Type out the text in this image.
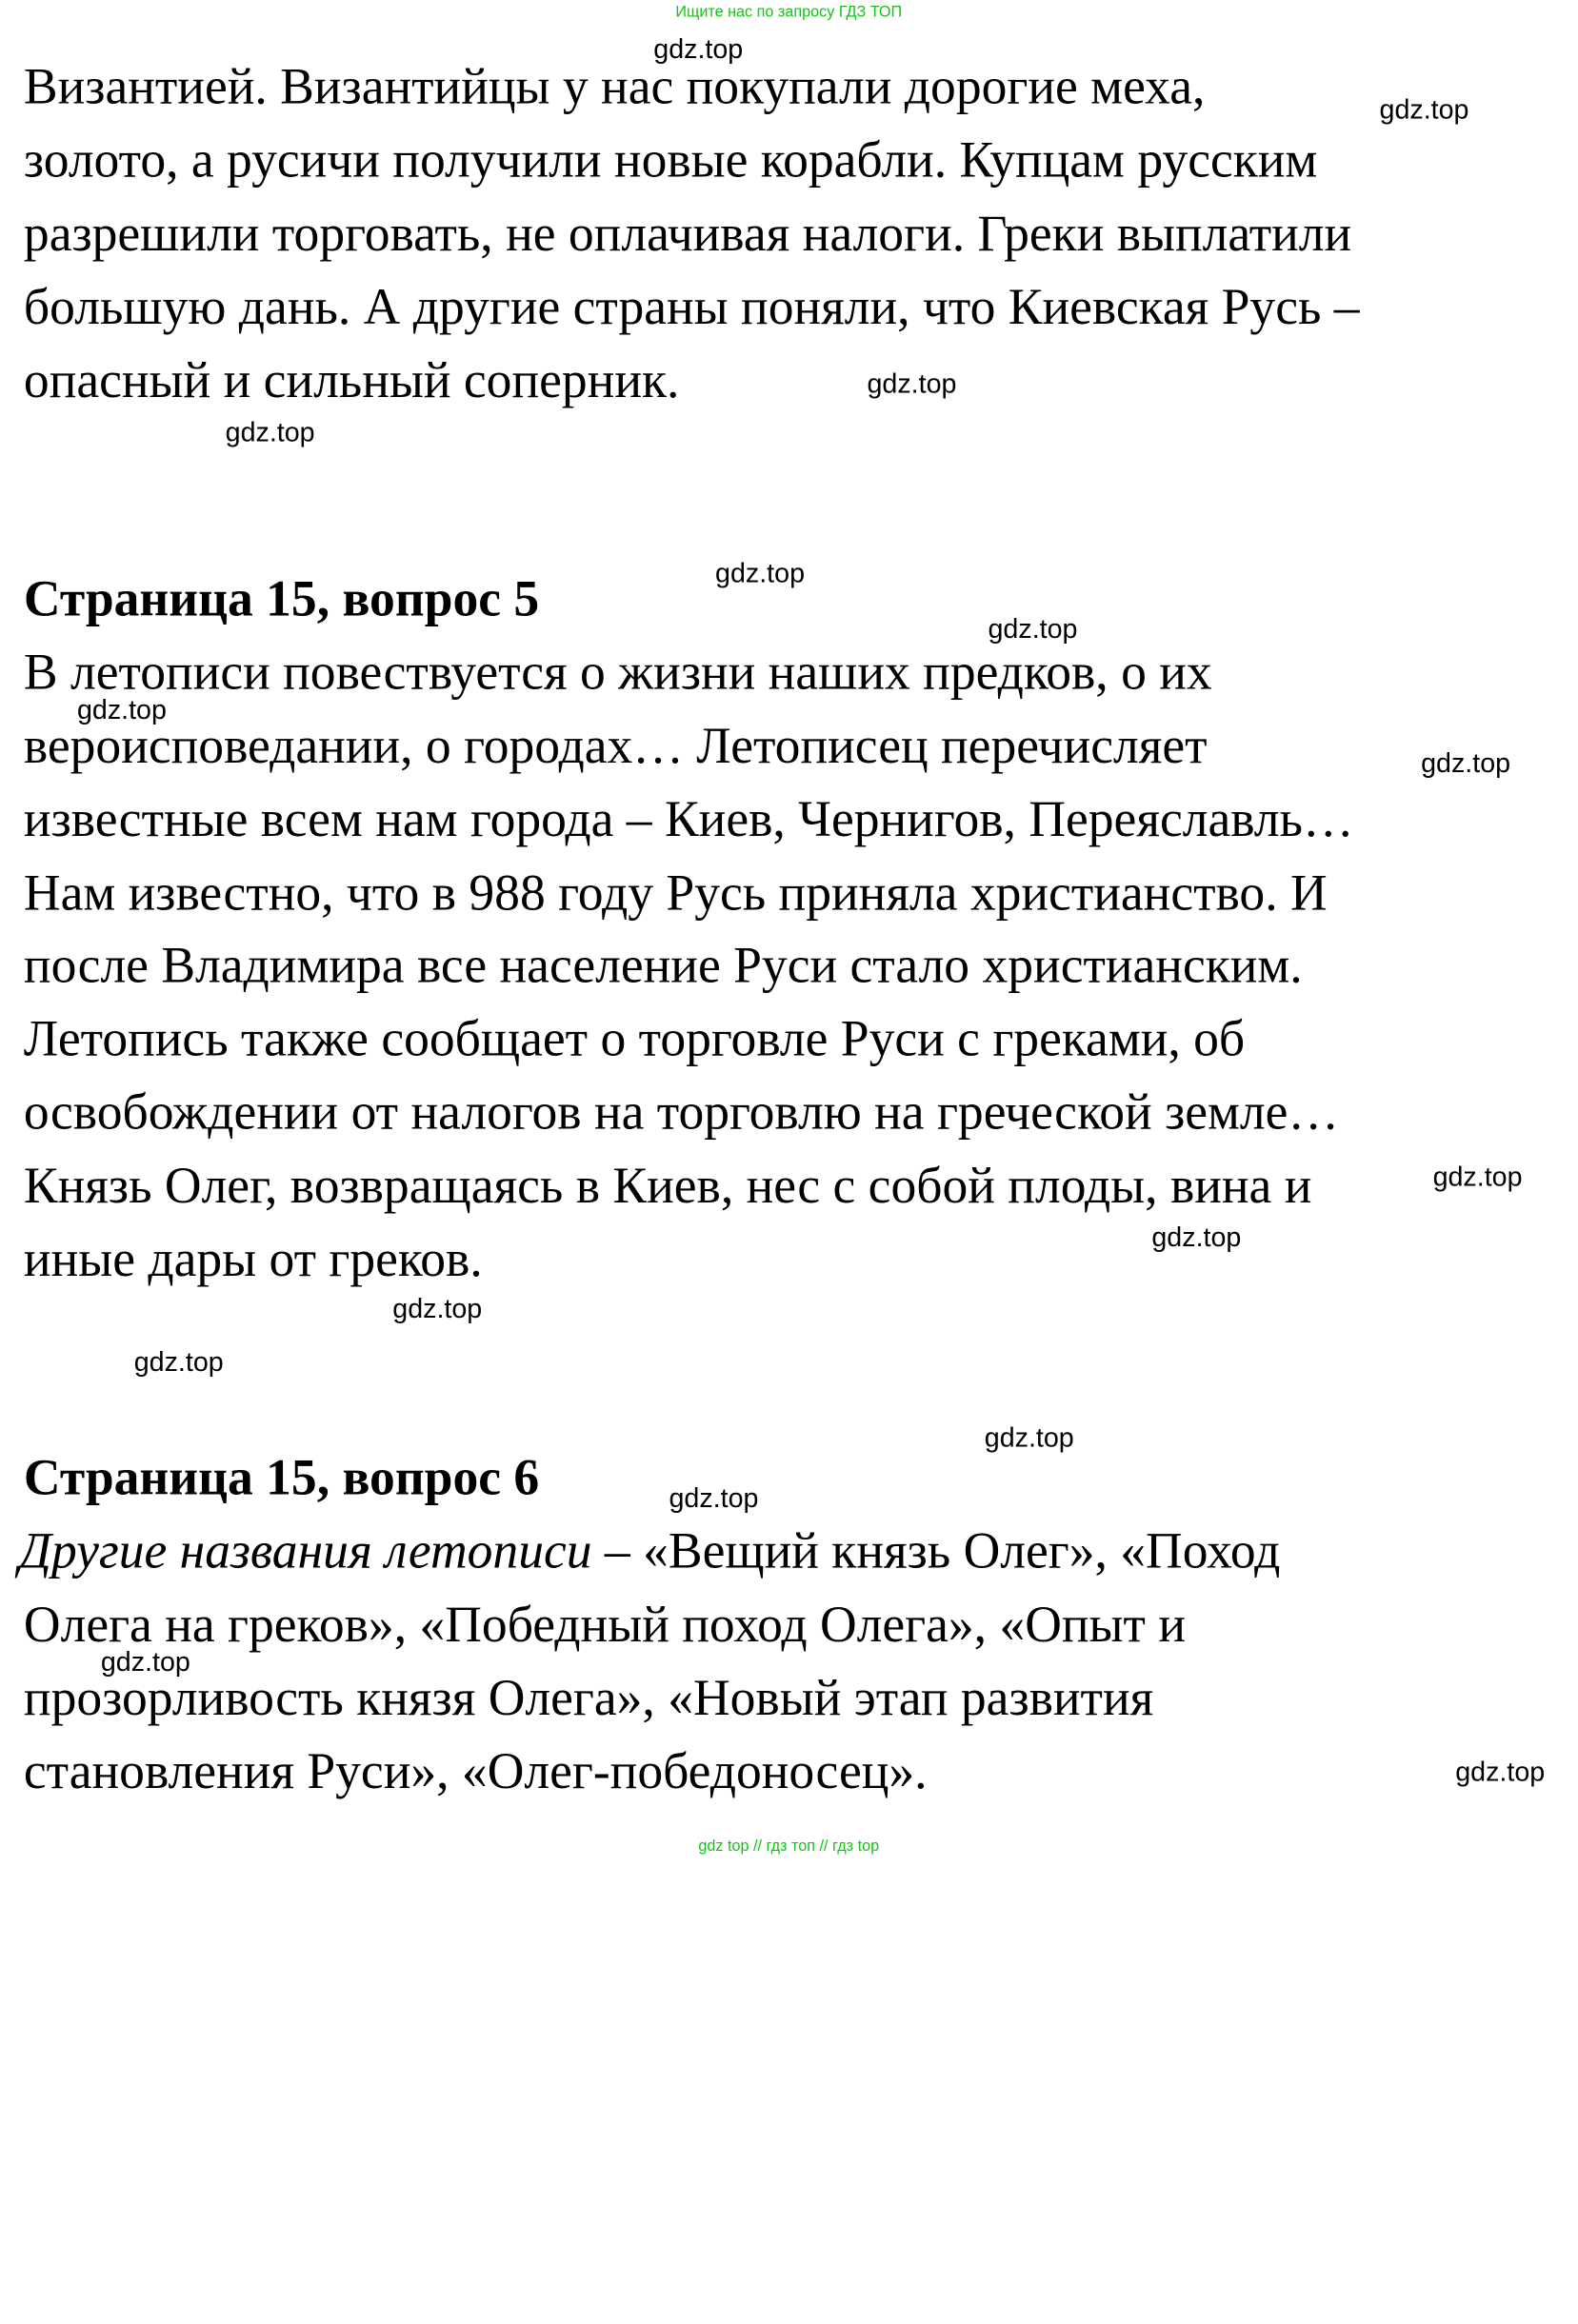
Ищите нас по запросу ГДЗ ТОП
Византией. Византийцы у нас покупали дорогие меха,
золото, а русичи получили новые корабли. Купцам русским
разрешили торговать, не оплачивая налоги. Греки выплатили
большую дань. А другие страны поняли, что Киевская Русь –
опасный и сильный соперник.
Страница 15, вопрос 5
В летописи повествуется о жизни наших предков, о их
вероисповедании, о городах… Летописец перечисляет
известные всем нам города – Киев, Чернигов, Переяславль…
Нам известно, что в 988 году Русь приняла христианство. И
после Владимира все население Руси стало христианским.
Летопись также сообщает о торговле Руси с греками, об
освобождении от налогов на торговлю на греческой земле…
Князь Олег, возвращаясь в Киев, нес с собой плоды, вина и
иные дары от греков.
Страница 15, вопрос 6
Другие названия летописи – «Вещий князь Олег», «Поход
Олега на греков», «Победный поход Олега», «Опыт и
прозорливость князя Олега», «Новый этап развития
становления Руси», «Олег-победоносец».
gdz.top
gdz.top
gdz.top
gdz.top
gdz.top
gdz.top
gdz.top
gdz.top
gdz.top
gdz.top
gdz.top
gdz.top
gdz.top
gdz.top
gdz.top
gdz.top
gdz top // гдз топ // гдз top
